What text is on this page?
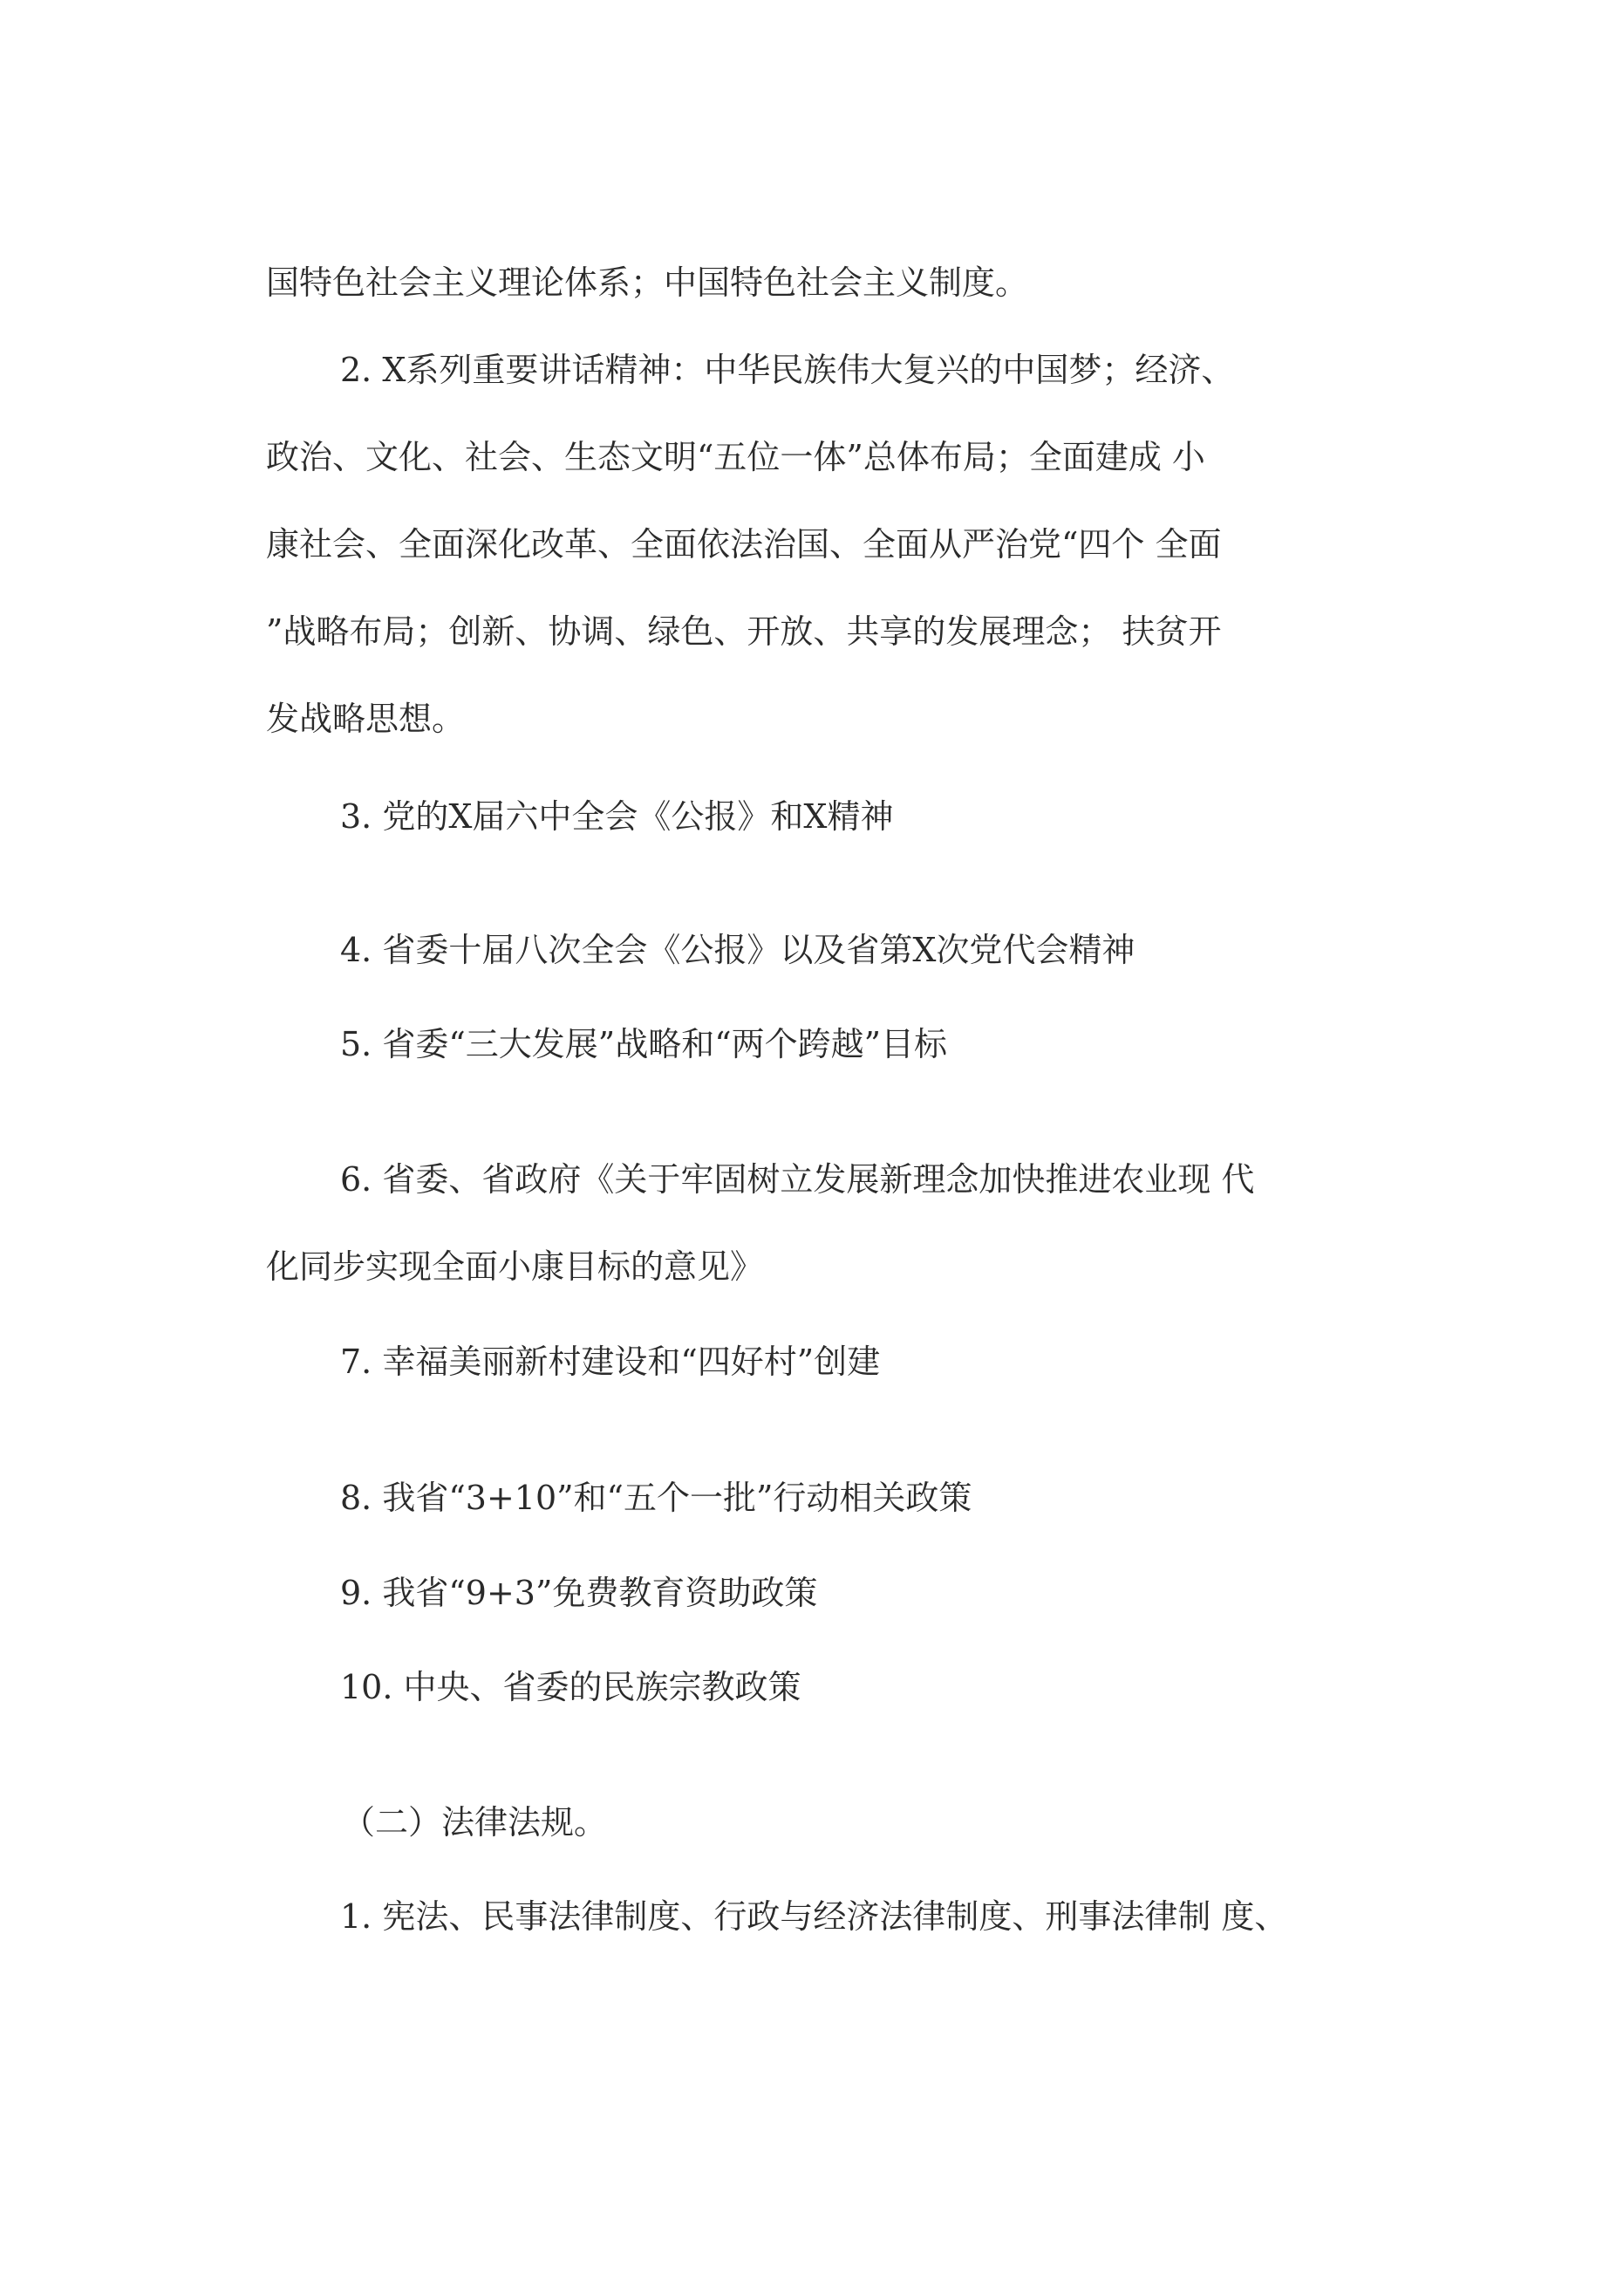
国特色社会主义理论体系；中国特色社会主义制度。
2. X系列重要讲话精神：中华民族伟大复兴的中国梦；经济、
政治、文化、社会、生态文明“五位一体”总体布局；全面建成 小
康社会、全面深化改革、全面依法治国、全面从严治党“四个 全面
”战略布局；创新、协调、绿色、开放、共享的发展理念； 扶贫开
发战略思想。
3. 党的X届六中全会《公报》和X精神
4. 省委十届八次全会《公报》以及省第X次党代会精神
5. 省委“三大发展”战略和“两个跨越”目标
6. 省委、省政府《关于牢固树立发展新理念加快推进农业现 代
化同步实现全面小康目标的意见》
7. 幸福美丽新村建设和“四好村”创建
8. 我省“3+10”和“五个一批”行动相关政策
9. 我省“9+3”免费教育资助政策
10. 中央、省委的民族宗教政策
（二）法律法规。
1. 宪法、民事法律制度、行政与经济法律制度、刑事法律制 度、
